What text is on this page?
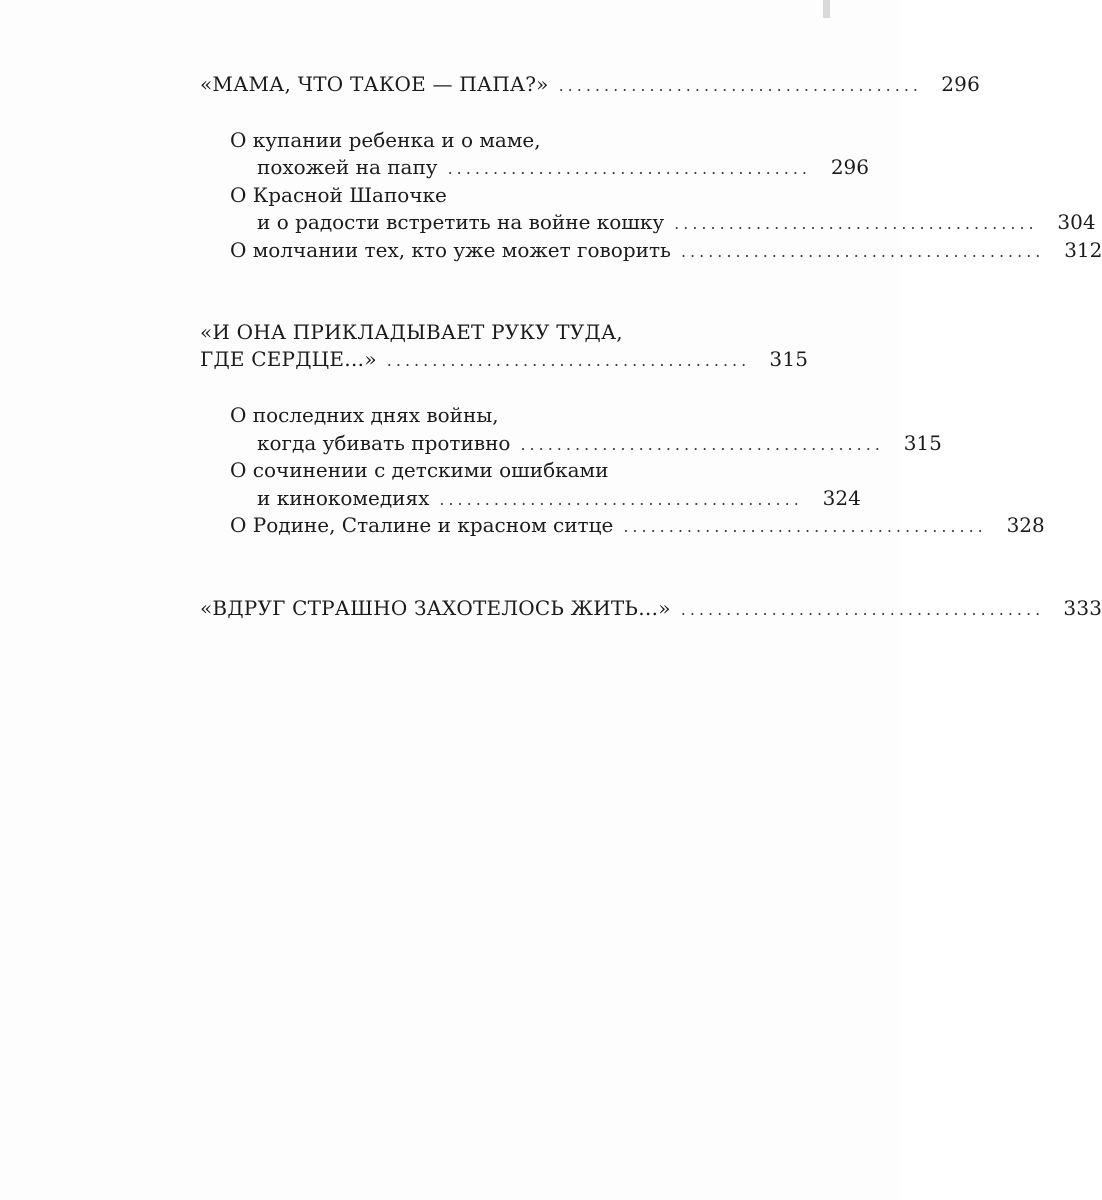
«МАМА, ЧТО ТАКОЕ — ПАПА?» ........................................ 296
О купании ребенка и о маме,
похожей на папу ........................................ 296
О Красной Шапочке
и о радости встретить на войне кошку ........................................ 304
О молчании тех, кто уже может говорить ........................................ 312
«И ОНА ПРИКЛАДЫВАЕТ РУКУ ТУДА,
ГДЕ СЕРДЦЕ…» ........................................ 315
О последних днях войны,
когда убивать противно ........................................ 315
О сочинении с детскими ошибками
и кинокомедиях ........................................ 324
О Родине, Сталине и красном ситце ........................................ 328
«ВДРУГ СТРАШНО ЗАХОТЕЛОСЬ ЖИТЬ…» ........................................ 333
